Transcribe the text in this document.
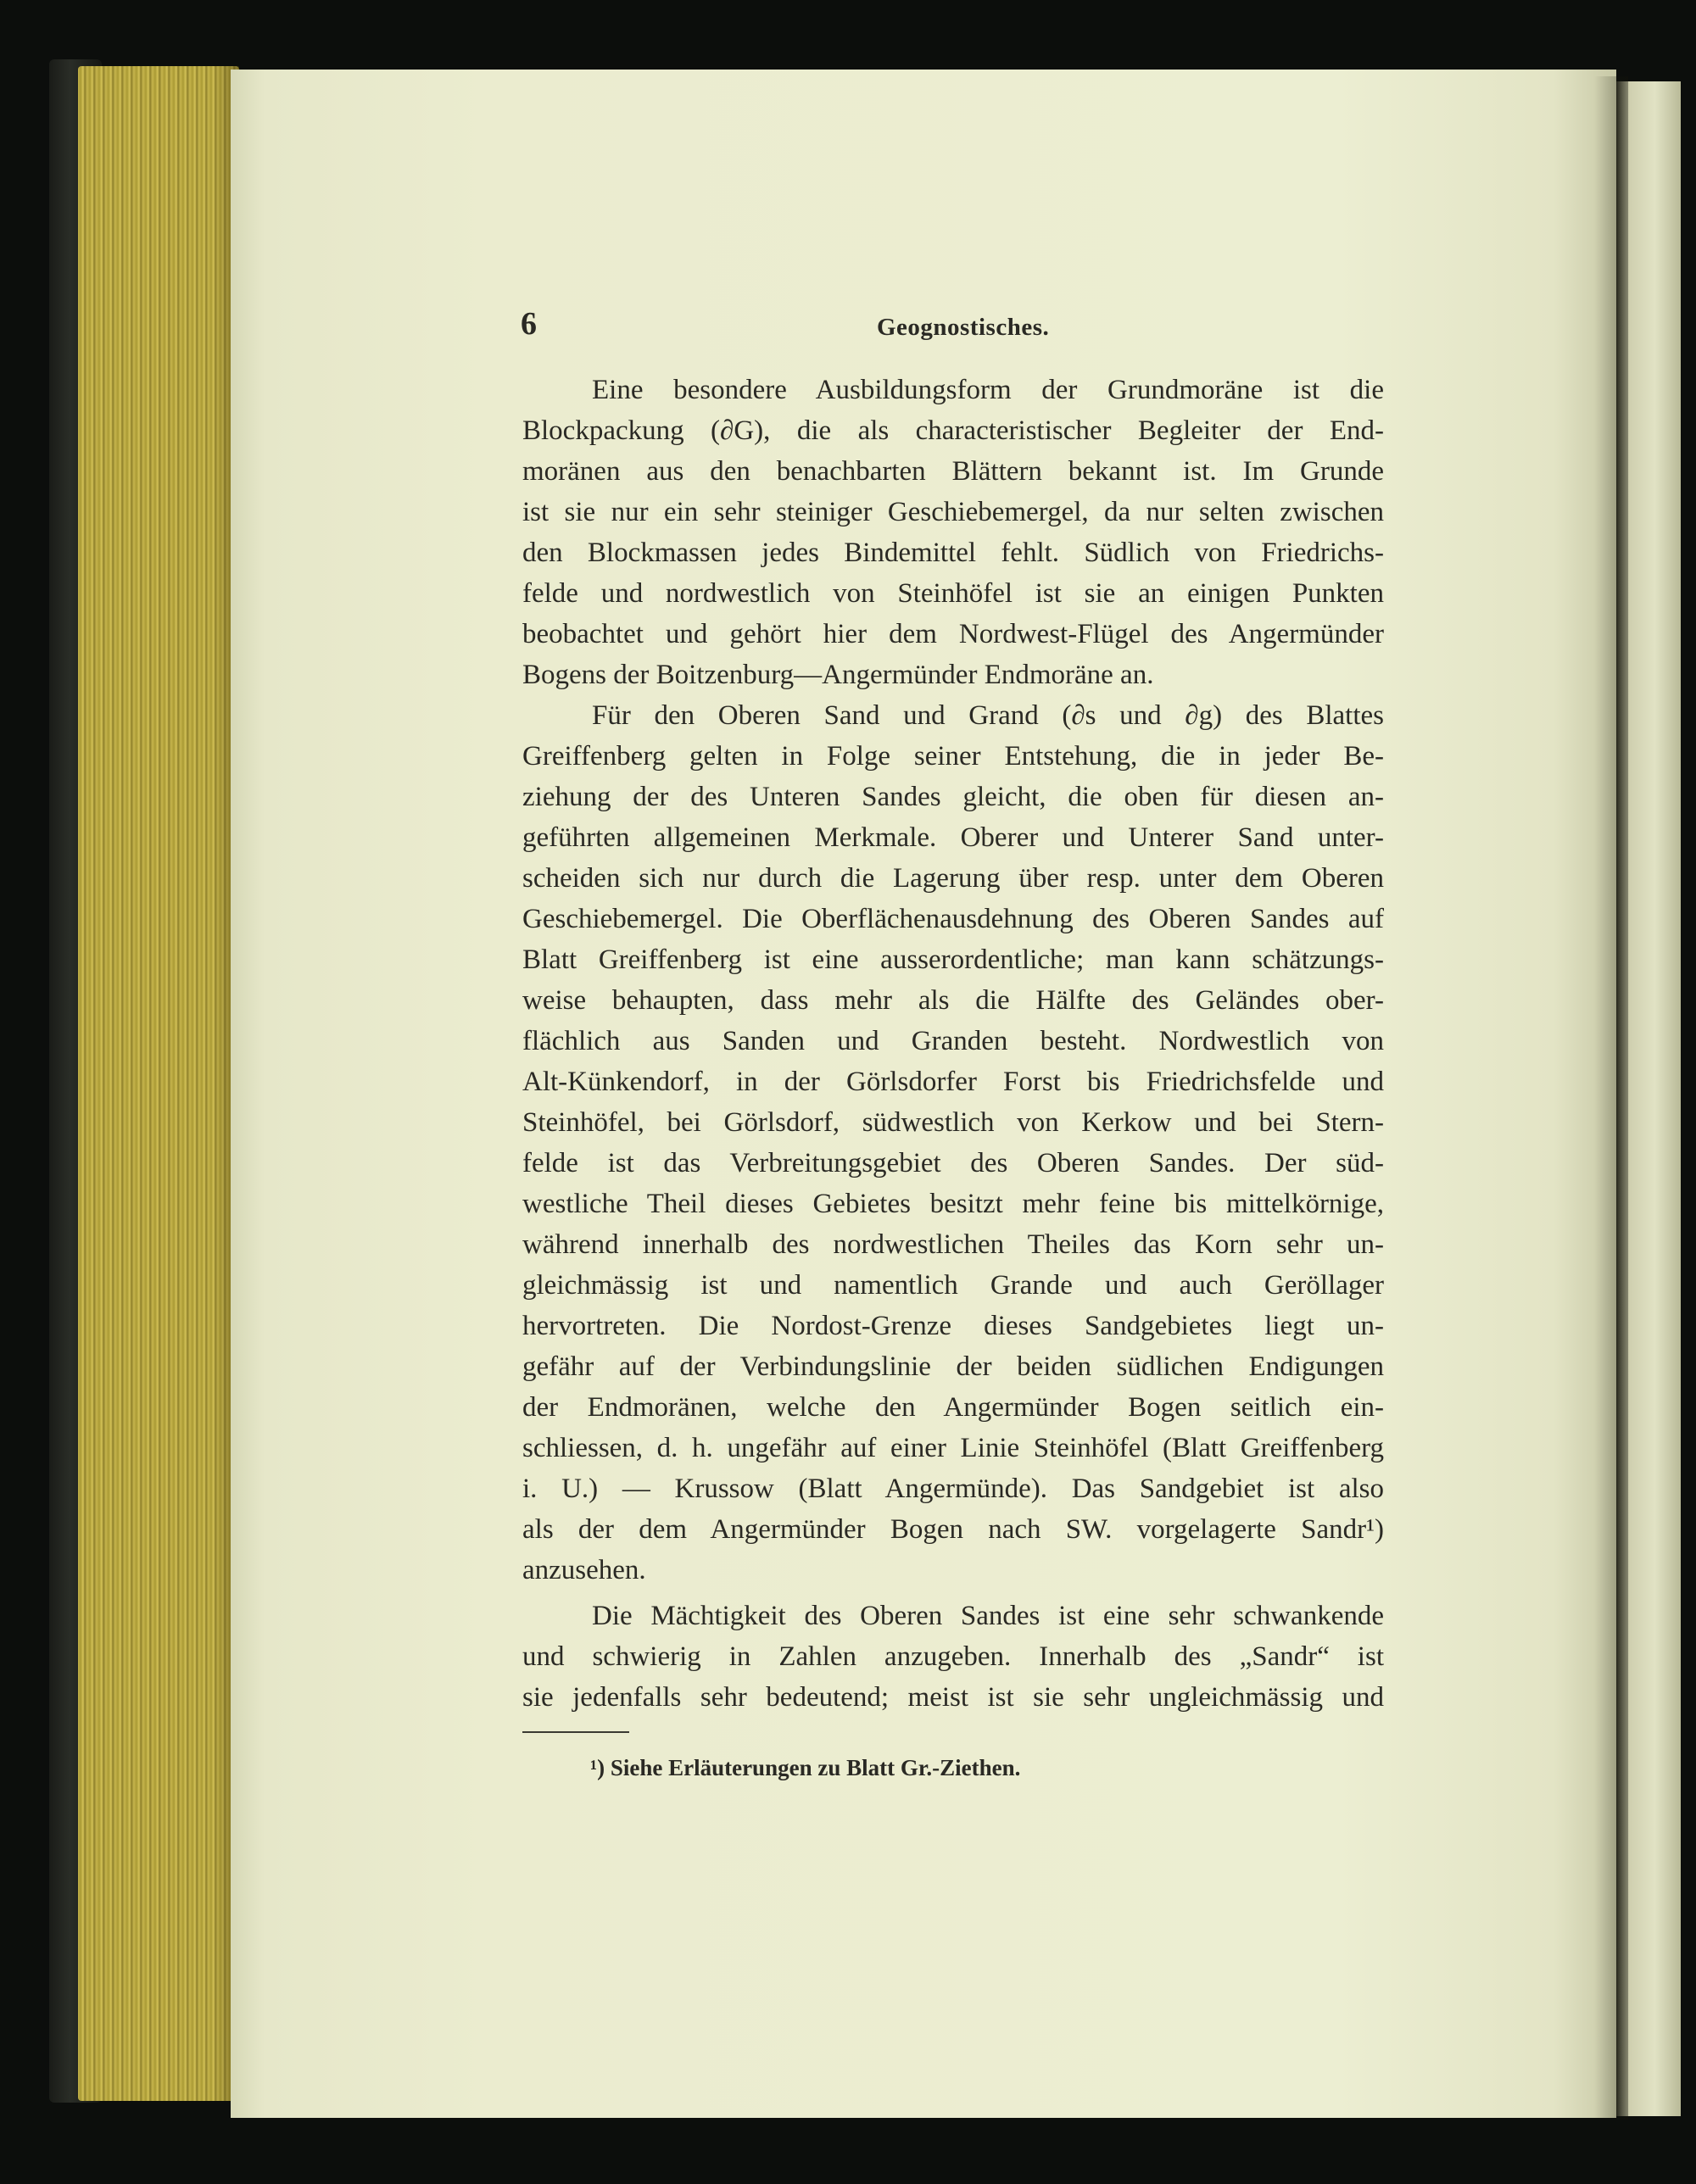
6	Geognostisches.
Eine besondere Ausbildungsform der Grundmoräne ist die
Blockpackung (∂G), die als characteristischer Begleiter der End-
moränen aus den benachbarten Blättern bekannt ist. Im Grunde
ist sie nur ein sehr steiniger Geschiebemergel, da nur selten zwischen
den Blockmassen jedes Bindemittel fehlt. Südlich von Friedrichs-
felde und nordwestlich von Steinhöfel ist sie an einigen Punkten
beobachtet und gehört hier dem Nordwest-Flügel des Angermünder
Bogens der Boitzenburg—Angermünder Endmoräne an.
Für den Oberen Sand und Grand (∂s und ∂g) des Blattes
Greiffenberg gelten in Folge seiner Entstehung, die in jeder Be-
ziehung der des Unteren Sandes gleicht, die oben für diesen an-
geführten allgemeinen Merkmale. Oberer und Unterer Sand unter-
scheiden sich nur durch die Lagerung über resp. unter dem Oberen
Geschiebemergel. Die Oberflächenausdehnung des Oberen Sandes auf
Blatt Greiffenberg ist eine ausserordentliche; man kann schätzungs-
weise behaupten, dass mehr als die Hälfte des Geländes ober-
flächlich aus Sanden und Granden besteht. Nordwestlich von
Alt-Künkendorf, in der Görlsdorfer Forst bis Friedrichsfelde und
Steinhöfel, bei Görlsdorf, südwestlich von Kerkow und bei Stern-
felde ist das Verbreitungsgebiet des Oberen Sandes. Der süd-
westliche Theil dieses Gebietes besitzt mehr feine bis mittelkörnige,
während innerhalb des nordwestlichen Theiles das Korn sehr un-
gleichmässig ist und namentlich Grande und auch Geröllager
hervortreten. Die Nordost-Grenze dieses Sandgebietes liegt un-
gefähr auf der Verbindungslinie der beiden südlichen Endigungen
der Endmoränen, welche den Angermünder Bogen seitlich ein-
schliessen, d. h. ungefähr auf einer Linie Steinhöfel (Blatt Greiffenberg
i. U.) — Krussow (Blatt Angermünde). Das Sandgebiet ist also
als der dem Angermünder Bogen nach SW. vorgelagerte Sandr¹)
anzusehen.
Die Mächtigkeit des Oberen Sandes ist eine sehr schwankende
und schwierig in Zahlen anzugeben. Innerhalb des „Sandr“ ist
sie jedenfalls sehr bedeutend; meist ist sie sehr ungleichmässig und
¹) Siehe Erläuterungen zu Blatt Gr.-Ziethen.
